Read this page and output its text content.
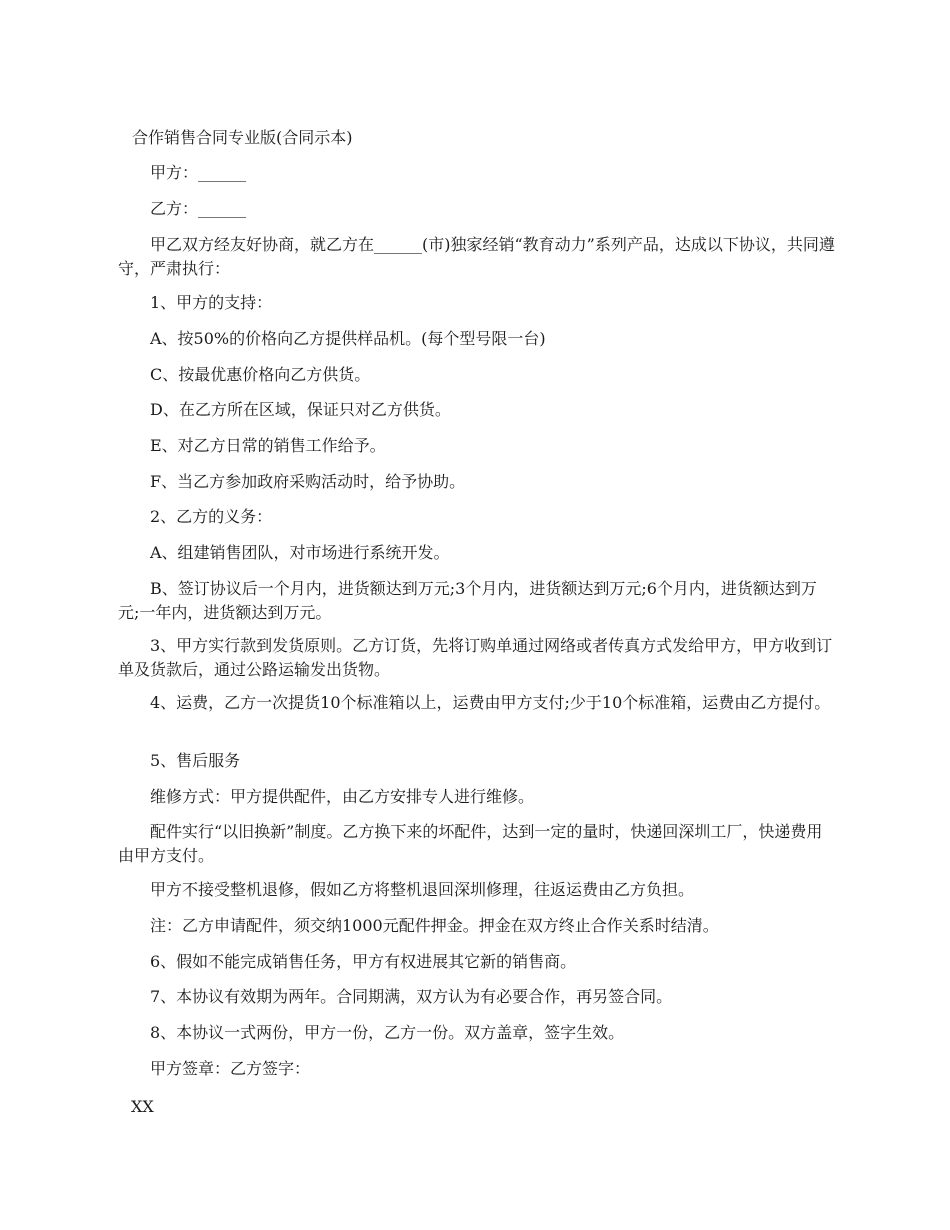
合作销售合同专业版(合同示本)

甲方：______

乙方：______

甲乙双方经友好协商，就乙方在______(市)独家经销“教育动力”系列产品，达成以下协议，共同遵守，严肃执行：

1、甲方的支持：

A、按50%的价格向乙方提供样品机。(每个型号限一台)

C、按最优惠价格向乙方供货。

D、在乙方所在区域，保证只对乙方供货。

E、对乙方日常的销售工作给予。

F、当乙方参加政府采购活动时，给予协助。

2、乙方的义务：

A、组建销售团队，对市场进行系统开发。

B、签订协议后一个月内，进货额达到万元;3个月内，进货额达到万元;6个月内，进货额达到万元;一年内，进货额达到万元。

3、甲方实行款到发货原则。乙方订货，先将订购单通过网络或者传真方式发给甲方，甲方收到订单及货款后，通过公路运输发出货物。

4、运费，乙方一次提货10个标准箱以上，运费由甲方支付;少于10个标准箱，运费由乙方提付。

5、售后服务

维修方式：甲方提供配件，由乙方安排专人进行维修。

配件实行“以旧换新”制度。乙方换下来的坏配件，达到一定的量时，快递回深圳工厂，快递费用由甲方支付。

甲方不接受整机退修，假如乙方将整机退回深圳修理，往返运费由乙方负担。

注：乙方申请配件，须交纳1000元配件押金。押金在双方终止合作关系时结清。

6、假如不能完成销售任务，甲方有权进展其它新的销售商。

7、本协议有效期为两年。合同期满，双方认为有必要合作，再另签合同。

8、本协议一式两份，甲方一份，乙方一份。双方盖章，签字生效。

甲方签章：乙方签字：

XX
